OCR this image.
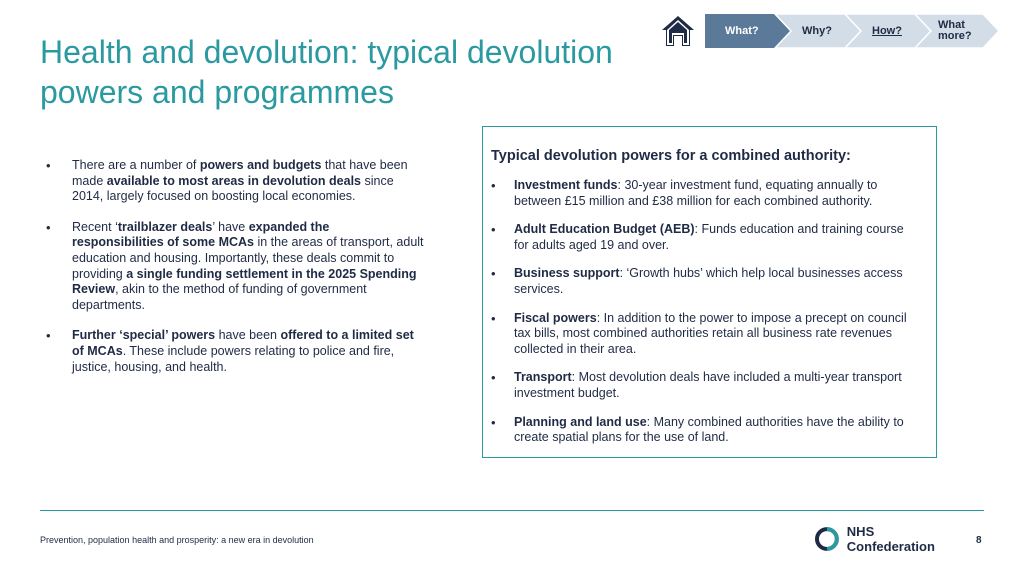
Health and devolution: typical devolution powers and programmes
What?	Why?	How?	What more?
• There are a number of powers and budgets that have been made available to most areas in devolution deals since 2014, largely focused on boosting local economies.
• Recent ‘trailblazer deals’ have expanded the responsibilities of some MCAs in the areas of transport, adult education and housing. Importantly, these deals commit to providing a single funding settlement in the 2025 Spending Review, akin to the method of funding of government departments.
• Further ‘special’ powers have been offered to a limited set of MCAs. These include powers relating to police and fire, justice, housing, and health.
Typical devolution powers for a combined authority:
• Investment funds: 30-year investment fund, equating annually to between £15 million and £38 million for each combined authority.
• Adult Education Budget (AEB): Funds education and training course for adults aged 19 and over.
• Business support: ‘Growth hubs’ which help local businesses access services.
• Fiscal powers: In addition to the power to impose a precept on council tax bills, most combined authorities retain all business rate revenues collected in their area.
• Transport: Most devolution deals have included a multi-year transport investment budget.
• Planning and land use: Many combined authorities have the ability to create spatial plans for the use of land.
Prevention, population health and prosperity: a new era in devolution
NHS Confederation	8
